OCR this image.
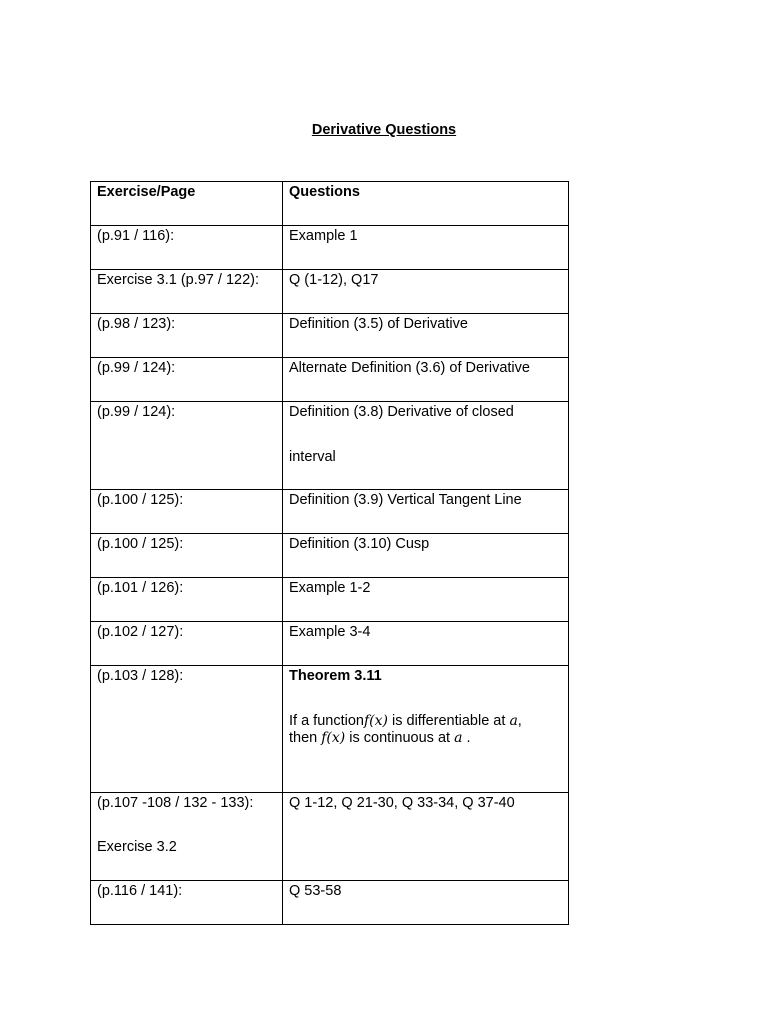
Derivative Questions
Exercise/Page	Questions
(p.91 / 116):	Example 1
Exercise 3.1 (p.97 / 122):	Q (1-12), Q17
(p.98 / 123):	Definition (3.5) of Derivative
(p.99 / 124):	Alternate Definition (3.6) of Derivative
(p.99 / 124):	Definition (3.8) Derivative of closed
interval

(p.100 / 125):	Definition (3.9) Vertical Tangent Line
(p.100 / 125):	Definition (3.10) Cusp
(p.101 / 126):	Example 1-2
(p.102 / 127):	Example 3-4
(p.103 / 128):	Theorem 3.11
If a functionf(x) is differentiable at a,
then f(x) is continuous at a .

(p.107 -108 / 132 - 133):
Exercise 3.2	Q 1-12, Q 21-30, Q 33-34, Q 37-40
(p.116 / 141):	Q 53-58
